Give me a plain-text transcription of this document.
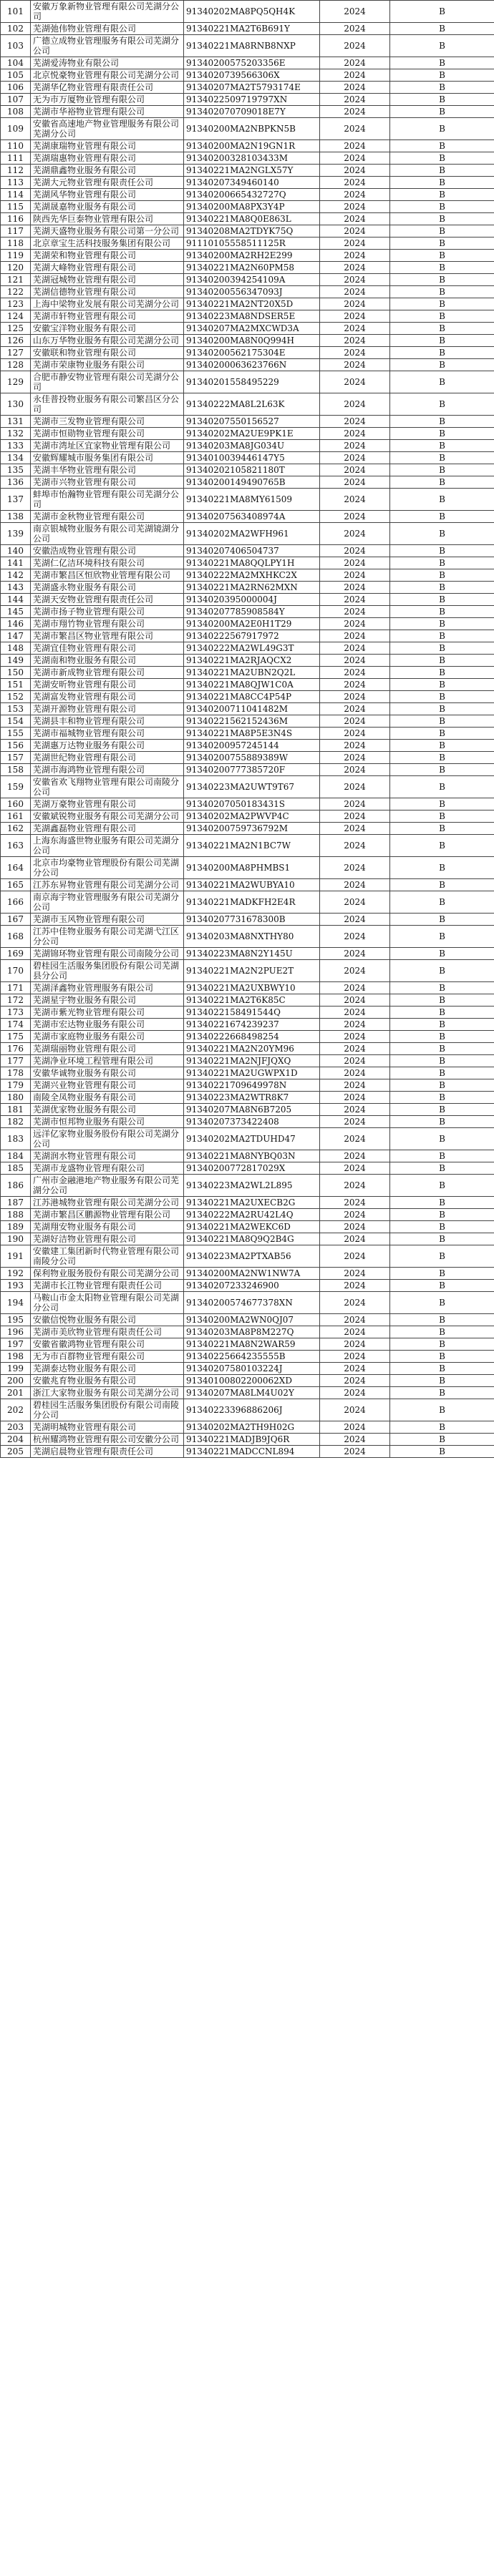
101	安徽万象新物业管理有限公司芜湖分公司	91340202MA8PQ5QH4K	2024	B
102	芜湖弛伟物业管理有限公司	91340221MA2T6B691Y	2024	B
103	广德立成物业管理服务有限公司芜湖分公司	91340221MA8RNB8NXP	2024	B
104	芜湖爱涛物业有限公司	91340200575203356E	2024	B
105	北京悦豪物业管理有限公司芜湖分公司	9134020739566306X	2024	B
106	芜湖华亿物业管理有限责任公司	91340207MA2T5793174E	2024	B
107	无为市万厦物业管理有限公司	9134022509719797XN	2024	B
108	芜湖市华裕物业管理有限公司	913402070709018E7Y	2024	B
109	安徽省高速地产物业管理服务有限公司芜湖分公司	91340200MA2NBPKN5B	2024	B
110	芜湖康瑞物业管理有限公司	91340200MA2N19GN1R	2024	B
111	芜湖瑞惠物业管理有限公司	91340200328103433M	2024	B
112	芜湖鼎鑫物业服务有限公司	91340221MA2NGLX57Y	2024	B
113	芜湖大元物业管理有限责任公司	91340207349460140	2024	B
114	芜湖风华物业管理有限公司	91340200665432727Q	2024	B
115	芜湖晟嘉物业服务有限公司	91340200MA8PX3Y4P	2024	B
116	陕西先华巨泰物业管理有限公司	91340221MA8Q0E863L	2024	B
117	芜湖天盛物业服务有限公司第一分公司	91340208MA2TDYK75Q	2024	B
118	北京章宝生活科技服务集团有限公司	91110105558511125R	2024	B
119	芜湖荣和物业管理有限公司	91340200MA2RH2E299	2024	B
120	芜湖大峰物业管理有限公司	91340221MA2N60PM58	2024	B
121	芜湖冠城物业管理有限公司	91340200394254109A	2024	B
122	芜湖信德物业管理有限公司	91340200556347093J	2024	B
123	上海中梁物业发展有限公司芜湖分公司	91340221MA2NT20X5D	2024	B
124	芜湖市轩物业管理有限公司	91340223MA8NDSER5E	2024	B
125	安徽宝洋物业服务有限公司	91340207MA2MXCWD3A	2024	B
126	山东万华物业服务有限公司芜湖分公司	91340200MA8N0Q994H	2024	B
127	安徽联和物业管理有限公司	91340200562175304E	2024	B
128	芜湖市荣康物业服务有限公司	91340200063623766N	2024	B
129	合肥市静安物业管理有限公司芜湖分公司	91340201558495229	2024	B
130	永佳普投物业服务有限公司繁昌区分公司	91340222MA8L2L63K	2024	B
131	芜湖市三发物业管理有限公司	91340207550156527	2024	B
132	芜湖市恒勋物业管理有限公司	91340202MA2UE9PK1E	2024	B
133	芜湖市湾址区宜家物业管理有限公司	91340203MA8JG034U	2024	B
134	安徽辉耀城市服务集团有限公司	9134010039446147Y5	2024	B
135	芜湖丰华物业管理有限公司	91340202105821180T	2024	B
136	芜湖市兴物业管理有限公司	91340200149490765B	2024	B
137	蚌埠市怡瀚物业管理有限公司芜湖分公司	91340221MA8MY61509	2024	B
138	芜湖市金秋物业管理有限公司	91340207563408974A	2024	B
139	南京银城物业服务有限公司芜湖镜湖分公司	91340202MA2WFH961	2024	B
140	安徽浩成物业管理有限公司	91340207406504737	2024	B
141	芜湖仁亿洁环境科技有限公司	91340221MA8QQLPY1H	2024	B
142	芜湖市繁昌区恒欣物业管理有限公司	91340222MA2MXHKC2X	2024	B
143	芜湖盛永物业服务有限公司	91340221MA2RN62MXN	2024	B
144	芜湖天安物业管理有限责任公司	9134020395000004J	2024	B
145	芜湖市扬子物业管理有限公司	91340207785908584Y	2024	B
146	芜湖市翔竹物业管理有限公司	91340200MA2E0H1T29	2024	B
147	芜湖市繁昌区物业管理有限公司	91340222567917972	2024	B
148	芜湖宜佳物业管理有限公司	91340222MA2WL49G3T	2024	B
149	芜湖南和物业服务有限公司	91340221MA2RJAQCX2	2024	B
150	芜湖市新成物业管理有限公司	91340221MA2UBN2Q2L	2024	B
151	芜湖安昕物业管理有限公司	91340221MA8QJW1C0A	2024	B
152	芜湖富发物业管理有限公司	91340221MA8CC4P54P	2024	B
153	芜湖开源物业管理有限公司	91340200711041482M	2024	B
154	芜湖县丰和物业管理有限公司	91340221562152436M	2024	B
155	芜湖市福城物业管理有限公司	91340221MA8P5E3N4S	2024	B
156	芜湖惠万达物业服务有限公司	91340200957245144	2024	B
157	芜湖世纪物业管理有限公司	91340200755889389W	2024	B
158	芜湖市海鸿物业管理有限公司	91340200777385720F	2024	B
159	安徽省欢飞翔物业管理有限公司南陵分公司	91340223MA2UWT9T67	2024	B
160	芜湖万豪物业管理有限公司	91340207050183431S	2024	B
161	安徽斌锐物业服务有限公司芜湖分公司	91340202MA2PWVP4C	2024	B
162	芜湖鑫磊物业管理有限公司	91340200759736792M	2024	B
163	上海东海盛世物业服务有限公司芜湖分公司	91340221MA2N1BC7W	2024	B
164	北京市均豪物业管理股份有限公司芜湖分公司	91340200MA8PHMBS1	2024	B
165	江苏东昇物业管理有限公司芜湖分公司	91340221MA2WUBYA10	2024	B
166	南京海宇物业管理服务有限公司芜湖分公司	91340221MADKFH2E4R	2024	B
167	芜湖市玉风物业管理有限公司	91340207731678300B	2024	B
168	江苏中佳物业服务有限公司芜湖弋江区分公司	91340203MA8NXTHY80	2024	B
169	芜湖锦环物业管理有限公司南陵分公司	91340223MA8N2Y145U	2024	B
170	碧桂园生活服务集团股份有限公司芜湖县分公司	91340221MA2N2PUE2T	2024	B
171	芜湖泽鑫物业管理服务有限公司	91340221MA2UXBWY10	2024	B
172	芜湖星宇物业服务有限公司	91340221MA2T6K85C	2024	B
173	芜湖市紫光物业管理有限公司	9134022158491544Q	2024	B
174	芜湖市宏达物业服务有限公司	91340221674239237	2024	B
175	芜湖市家庭物业服务有限公司	91340222668498254	2024	B
176	芜湖瑞丽物业管理有限公司	91340221MA2N20YM96	2024	B
177	芜湖净业环境工程管理有限公司	91340221MA2NJFJQXQ	2024	B
178	安徽华诚物业服务有限公司	91340221MA2UGWPX1D	2024	B
179	芜湖兴业物业管理有限公司	91340221709649978N	2024	B
180	南陵全凤物业服务有限公司	91340223MA2WTR8K7	2024	B
181	芜湖优家物业服务有限公司	91340207MA8N6B7205	2024	B
182	芜湖市恒邦物业服务有限公司	91340207373422408	2024	B
183	远洋亿家物业服务股份有限公司芜湖分公司	91340202MA2TDUHD47	2024	B
184	芜湖润水物业管理有限公司	91340221MA8NYBQ03N	2024	B
185	芜湖市龙盛物业管理有限公司	91340200772817029X	2024	B
186	广州市金融港地产物业服务有限公司芜湖分公司	91340223MA2WL2L895	2024	B
187	江苏港城物业管理有限公司芜湖分公司	91340221MA2UXECB2G	2024	B
188	芜湖市繁昌区鹏源物业管理有限公司	91340222MA2RU42L4Q	2024	B
189	芜湖翔安物业服务有限公司	91340221MA2WEKC6D	2024	B
190	芜湖好洁物业管理有限公司	91340221MA8Q9Q2B4G	2024	B
191	安徽建工集团新时代物业管理有限公司南陵分公司	91340223MA2PTXAB56	2024	B
192	保利物业服务股份有限公司芜湖分公司	91340200MA2NW1NW7A	2024	B
193	芜湖市长江物业管理有限责任公司	91340207233246900	2024	B
194	马鞍山市金太阳物业管理有限公司芜湖分公司	91340200574677378XN	2024	B
195	安徽信悦物业服务有限公司	91340200MA2WN0QJ07	2024	B
196	芜湖市美欣物业管理有限责任公司	91340203MA8P8M227Q	2024	B
197	安徽省徽鸿物业管理有限公司	91340221MA8N2WAR59	2024	B
198	无为市百群物业管理有限公司	91340225664235555B	2024	B
199	芜湖泰达物业服务有限公司	91340207580103224J	2024	B
200	安徽兆育物业服务有限公司	91340100802200062XD	2024	B
201	浙江大家物业服务有限公司芜湖分公司	91340207MA8LM4U02Y	2024	B
202	碧桂园生活服务集团股份有限公司南陵分公司	91340223396886206J	2024	B
203	芜湖明城物业管理有限公司	91340202MA2TH9H02G	2024	B
204	杭州耀鸿物业管理有限公司安徽分公司	91340221MADJB9JQ6R	2024	B
205	芜湖启晨物业管理有限责任公司	91340221MADCCNL894	2024	B
